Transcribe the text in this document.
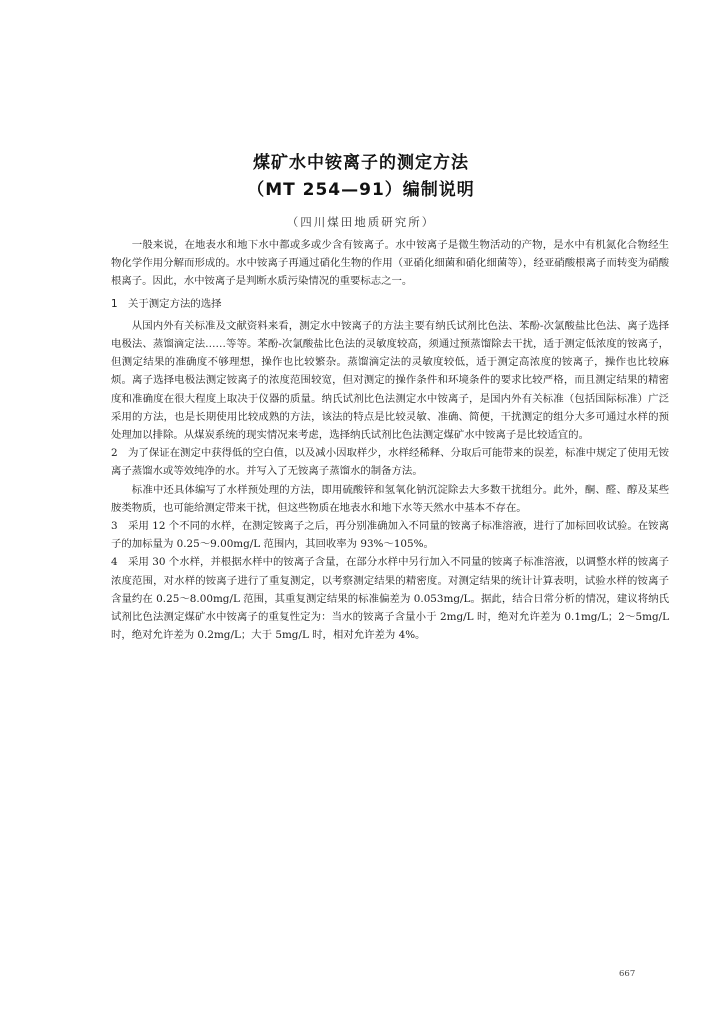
煤矿水中铵离子的测定方法
（MT 254—91）编制说明
（四川煤田地质研究所）

一般来说，在地表水和地下水中都或多或少含有铵离子。水中铵离子是微生物活动的产物，是水中有机氮化合物经生物化学作用分解而形成的。水中铵离子再通过硝化生物的作用（亚硝化细菌和硝化细菌等），经亚硝酸根离子而转变为硝酸根离子。因此，水中铵离子是判断水质污染情况的重要标志之一。

1　关于测定方法的选择

从国内外有关标准及文献资料来看，测定水中铵离子的方法主要有纳氏试剂比色法、苯酚-次氯酸盐比色法、离子选择电极法、蒸馏滴定法……等等。苯酚-次氯酸盐比色法的灵敏度较高，须通过预蒸馏除去干扰，适于测定低浓度的铵离子，但测定结果的准确度不够理想，操作也比较繁杂。蒸馏滴定法的灵敏度较低，适于测定高浓度的铵离子，操作也比较麻烦。离子选择电极法测定铵离子的浓度范围较宽，但对测定的操作条件和环境条件的要求比较严格，而且测定结果的精密度和准确度在很大程度上取决于仪器的质量。纳氏试剂比色法测定水中铵离子，是国内外有关标准（包括国际标准）广泛采用的方法，也是长期使用比较成熟的方法，该法的特点是比较灵敏、准确、简便，干扰测定的组分大多可通过水样的预处理加以排除。从煤炭系统的现实情况来考虑，选择纳氏试剂比色法测定煤矿水中铵离子是比较适宜的。

2　为了保证在测定中获得低的空白值，以及减小因取样少，水样经稀释、分取后可能带来的误差，标准中规定了使用无铵离子蒸馏水或等效纯净的水。并写入了无铵离子蒸馏水的制备方法。

标准中还具体编写了水样预处理的方法，即用硫酸锌和氢氧化钠沉淀除去大多数干扰组分。此外，酮、醛、醇及某些胺类物质，也可能给测定带来干扰，但这些物质在地表水和地下水等天然水中基本不存在。

3　采用 12 个不同的水样，在测定铵离子之后，再分别准确加入不同量的铵离子标准溶液，进行了加标回收试验。在铵离子的加标量为 0.25～9.00mg/L 范围内，其回收率为 93%～105%。

4　采用 30 个水样，并根据水样中的铵离子含量，在部分水样中另行加入不同量的铵离子标准溶液，以调整水样的铵离子浓度范围，对水样的铵离子进行了重复测定，以考察测定结果的精密度。对测定结果的统计计算表明，试验水样的铵离子含量约在 0.25～8.00mg/L 范围，其重复测定结果的标准偏差为 0.053mg/L。据此，结合日常分析的情况，建议将纳氏试剂比色法测定煤矿水中铵离子的重复性定为：当水的铵离子含量小于 2mg/L 时，绝对允许差为 0.1mg/L；2～5mg/L 时，绝对允许差为 0.2mg/L；大于 5mg/L 时，相对允许差为 4%。

667
